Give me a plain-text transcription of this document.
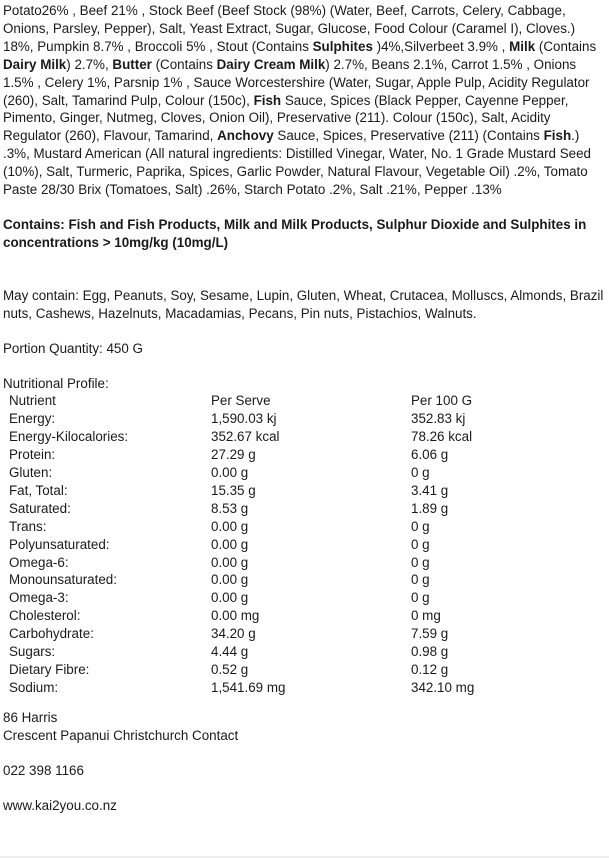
Potato26% , Beef 21% , Stock Beef (Beef Stock (98%) (Water, Beef, Carrots, Celery, Cabbage, Onions, Parsley, Pepper), Salt, Yeast Extract, Sugar, Glucose, Food Colour (Caramel I), Cloves.) 18%, Pumpkin 8.7% , Broccoli 5% , Stout (Contains Sulphites )4%,Silverbeet 3.9% , Milk (Contains Dairy Milk) 2.7%, Butter (Contains Dairy Cream Milk) 2.7%, Beans 2.1%, Carrot 1.5% , Onions 1.5% , Celery 1%, Parsnip 1% , Sauce Worcestershire (Water, Sugar, Apple Pulp, Acidity Regulator (260), Salt, Tamarind Pulp, Colour (150c), Fish Sauce, Spices (Black Pepper, Cayenne Pepper, Pimento, Ginger, Nutmeg, Cloves, Onion Oil), Preservative (211). Colour (150c), Salt, Acidity Regulator (260), Flavour, Tamarind, Anchovy Sauce, Spices, Preservative (211) (Contains Fish.) .3%, Mustard American (All natural ingredients: Distilled Vinegar, Water, No. 1 Grade Mustard Seed (10%), Salt, Turmeric, Paprika, Spices, Garlic Powder, Natural Flavour, Vegetable Oil) .2%, Tomato Paste 28/30 Brix (Tomatoes, Salt) .26%, Starch Potato .2%, Salt .21%, Pepper .13%

Contains: Fish and Fish Products, Milk and Milk Products, Sulphur Dioxide and Sulphites in concentrations > 10mg/kg (10mg/L)

May contain: Egg, Peanuts, Soy, Sesame, Lupin, Gluten, Wheat, Crutacea, Molluscs, Almonds, Brazil nuts, Cashews, Hazelnuts, Macadamias, Pecans, Pin nuts, Pistachios, Walnuts.

Portion Quantity: 450 G

Nutritional Profile:
Nutrient	Per Serve	Per 100 G
Energy:	1,590.03 kj	352.83 kj
Energy-Kilocalories:	352.67 kcal	78.26 kcal
Protein:	27.29 g	6.06 g
Gluten:	0.00 g	0 g
Fat, Total:	15.35 g	3.41 g
Saturated:	8.53 g	1.89 g
Trans:	0.00 g	0 g
Polyunsaturated:	0.00 g	0 g
Omega-6:	0.00 g	0 g
Monounsaturated:	0.00 g	0 g
Omega-3:	0.00 g	0 g
Cholesterol:	0.00 mg	0 mg
Carbohydrate:	34.20 g	7.59 g
Sugars:	4.44 g	0.98 g
Dietary Fibre:	0.52 g	0.12 g
Sodium:	1,541.69 mg	342.10 mg
86 Harris
Crescent Papanui Christchurch Contact
022 398 1166
www.kai2you.co.nz
